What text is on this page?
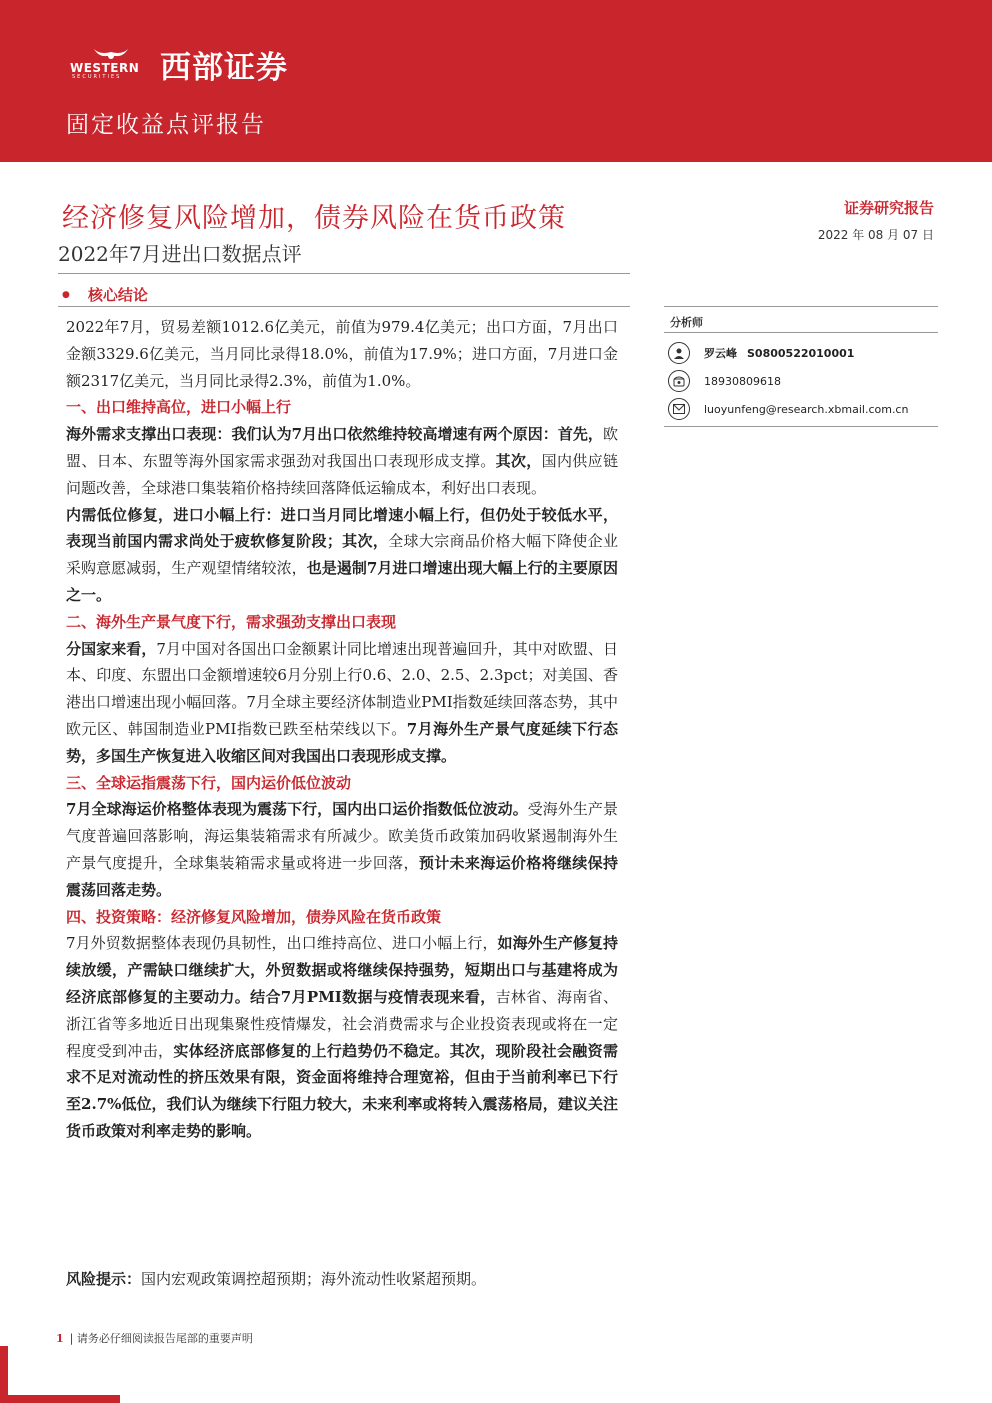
WESTERN
SECURITIES 西部证券
固定收益点评报告
经济修复风险增加，债券风险在货币政策
2022年7月进出口数据点评
证券研究报告
2022 年 08 月 07 日
● 核心结论

2022年7月，贸易差额1012.6亿美元，前值为979.4亿美元；出口方面，7月出口金额3329.6亿美元，当月同比录得18.0%，前值为17.9%；进口方面，7月进口金额2317亿美元，当月同比录得2.3%，前值为1.0%。

一、出口维持高位，进口小幅上行

海外需求支撑出口表现：我们认为7月出口依然维持较高增速有两个原因：首先，欧盟、日本、东盟等海外国家需求强劲对我国出口表现形成支撑。其次，国内供应链问题改善，全球港口集装箱价格持续回落降低运输成本，利好出口表现。

内需低位修复，进口小幅上行：进口当月同比增速小幅上行，但仍处于较低水平，表现当前国内需求尚处于疲软修复阶段；其次，全球大宗商品价格大幅下降使企业采购意愿减弱，生产观望情绪较浓，也是遏制7月进口增速出现大幅上行的主要原因之一。

二、海外生产景气度下行，需求强劲支撑出口表现

分国家来看，7月中国对各国出口金额累计同比增速出现普遍回升，其中对欧盟、日本、印度、东盟出口金额增速较6月分别上行0.6、2.0、2.5、2.3pct；对美国、香港出口增速出现小幅回落。7月全球主要经济体制造业PMI指数延续回落态势，其中欧元区、韩国制造业PMI指数已跌至枯荣线以下。7月海外生产景气度延续下行态势，多国生产恢复进入收缩区间对我国出口表现形成支撑。

三、全球运指震荡下行，国内运价低位波动

7月全球海运价格整体表现为震荡下行，国内出口运价指数低位波动。受海外生产景气度普遍回落影响，海运集装箱需求有所减少。欧美货币政策加码收紧遏制海外生产景气度提升，全球集装箱需求量或将进一步回落，预计未来海运价格将继续保持震荡回落走势。

四、投资策略：经济修复风险增加，债券风险在货币政策

7月外贸数据整体表现仍具韧性，出口维持高位、进口小幅上行，如海外生产修复持续放缓，产需缺口继续扩大，外贸数据或将继续保持强势，短期出口与基建将成为经济底部修复的主要动力。结合7月PMI数据与疫情表现来看，吉林省、海南省、浙江省等多地近日出现集聚性疫情爆发，社会消费需求与企业投资表现或将在一定程度受到冲击，实体经济底部修复的上行趋势仍不稳定。其次，现阶段社会融资需求不足对流动性的挤压效果有限，资金面将维持合理宽裕，但由于当前利率已下行至2.7%低位，我们认为继续下行阻力较大，未来利率或将转入震荡格局，建议关注货币政策对利率走势的影响。

风险提示：国内宏观政策调控超预期；海外流动性收紧超预期。
分析师
罗云峰 S0800522010001
18930809618
luoyunfeng@research.xbmail.com.cn
1 | 请务必仔细阅读报告尾部的重要声明
